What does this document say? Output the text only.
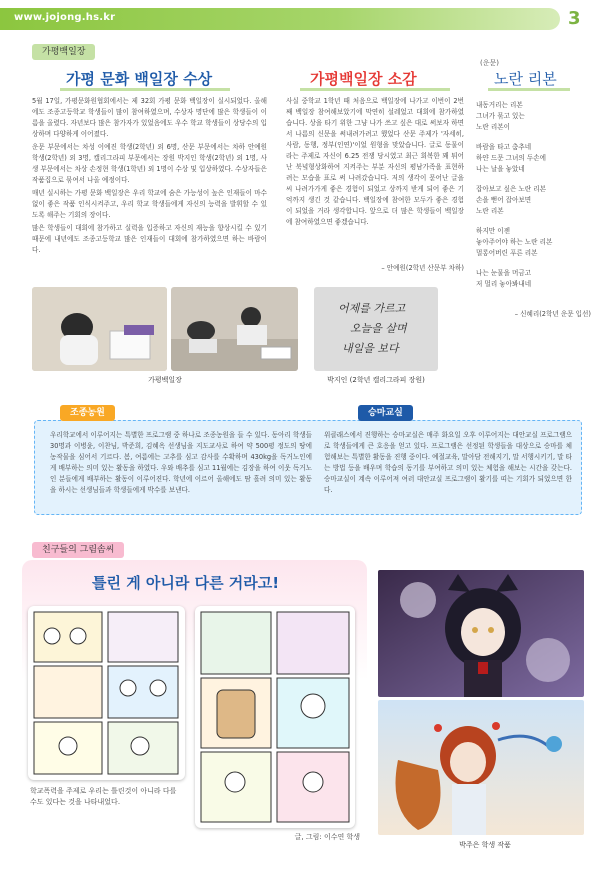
www.jojong.hs.kr	3
가평백일장
가평 문화 백일장 수상

5월 17일, 가평문화원협회에서는 제 32회 가평 문화 백일장이 실시되었다. 올해에도 조종고등학교 학생들이 많이 참여하였으며, 수상자 명단에 많은 학생들이 이름을 올렸다. 자년보다 많은 참가자가 있었음에도 우수 학교 학생들이 상당수의 입상하며 다양하게 이어졌다.

운문 부문에서는 차성 이예진 학생(2학년) 외 6명, 산문 부문에서는 차하 안예원 학생(2학년) 외 3명, 캘리그라피 부문에서는 장원 박지인 학생(2학년) 외 1명, 사생 부문에서는 차상 손정현 학생(1학년) 외 1명이 수상 및 입상하였다. 수상자들은 작품집으로 묶여서 나올 예정이다.

매년 실시하는 가평 문화 백일장은 우리 학교에 숨은 가능성이 높은 인재들이 마수 없이 좋은 작품 인식시켜주고, 우리 학교 학생들에게 자신의 능력을 발휘할 수 있도록 해주는 기회의 장이다.

많은 학생들이 대회에 참가하고 실력을 입증하고 자신의 재능을 향상시킬 수 있기 때문에 내년에도 조종고등학교 많은 인재들이 대회에 참가하였으면 하는 바람이다.

가평백일장 소감

사실 중학교 1학년 때 처음으로 백일장에 나가고 이번이 2번째 백일장 참여해보았기에 막연히 설레었고 대회에 참가하였습니다. 상을 타기 위한 그냥 나가 쓰고 싶은 대로 써보자 하면서 나름의 신문을 써내려가려고 했었다 산문 주제가 '자세히, 사람, 동행, 정부(인연)'이었 원형을 맞았습니다. 글로 동물이라는 주제로 자신이 6.25 전쟁 당시였고 최근 회복한 꽤 튀어난 북녘형상화하여 지켜주는 부분 자신의 평남가족을 표현하려는 모습을 표로 써 나려갔습니다. 저의 생각이 묻어난 글을 씨 나려가가게 좋은 경험이 되었고 상까지 받게 되어 좋은 기억까지 생긴 것 같습니다. 백일장에 참여한 모두가 좋은 경험이 되었을 거라 생각합니다. 앞으로 더 많은 학생들이 백일장에 참여하였으면 좋겠습니다.

– 안예원(2학년 산문부 차하)
(운문)
노란 리본
내동거리는 리본
그녀가 묶고 있는
노란 리본이
바람을 타고 춤추네
하얀 드문 그녀의 두손에
나는 날을 놓았네
잡아보고 싶은 노란 리본
손을 뻗어 잡아보면
노란 리본
하지만 이젠
놓아주어야 하는 노란 리본
멀롱어버린 푸른 리본
나는 눈물을 머금고
저 멀리 놓아봐내네
– 신혜리(2학년 운문 입선)
가평백일장
어제를 가르고
오늘을 살며
내일을 보다
박지인 (2학년 캘리그라피 장원)
조종농원	승마교실

우리학교에서 이루어지는 특별한 프로그램 중 하나로 조종농원을 들 수 있다. 동아리 학생들 30명과 이병윤, 이찬님, 박준희, 김혜옥 선생님을 지도교사로 하여 약 500평 정도의 땅에 농작물을 심어서 기르다. 봄, 여름에는 고추를 심고 감사를 수확하며 430kg을 독거노인에게 배부하는 의미 있는 활동을 하였다. 우와 배추를 심고 11월에는 김장을 하여 이웃 독거노인 분들에게 배부하는 활동이 이루어진다. 학년에 이르어 올해에도 땀 흘려 의미 있는 활동을 하시는 선생님들과 학생들에게 박수를 보낸다.

위클래스에서 진행하는 승마교실은 매주 화요일 오후 이루어지는 대안교실 프로그램으로 학생들에게 큰 호응을 얻고 있다. 프로그램은 선정된 학생들을 대상으로 승마를 체험해보는 특별한 활동을 진행 중이다. 예절교육, 말아담 전해지기, 말 서행시키기, 말 타는 방법 등을 배우며 학습의 동기를 부여하고 의미 있는 체험을 해보는 시간을 갖는다. 승마교실이 계속 이루어져 여러 대안교실 프로그램이 활기를 띠는 기회가 되었으면 한다.

친구들의 그림솜씨
틀린 게 아니라 다른 거라고!
학교폭력을 주제로 우리는 틀린것이 아니라 다를 수도 있다는 것을 나타내었다.
글, 그림: 이수연 학생
박주은 학생 작품
